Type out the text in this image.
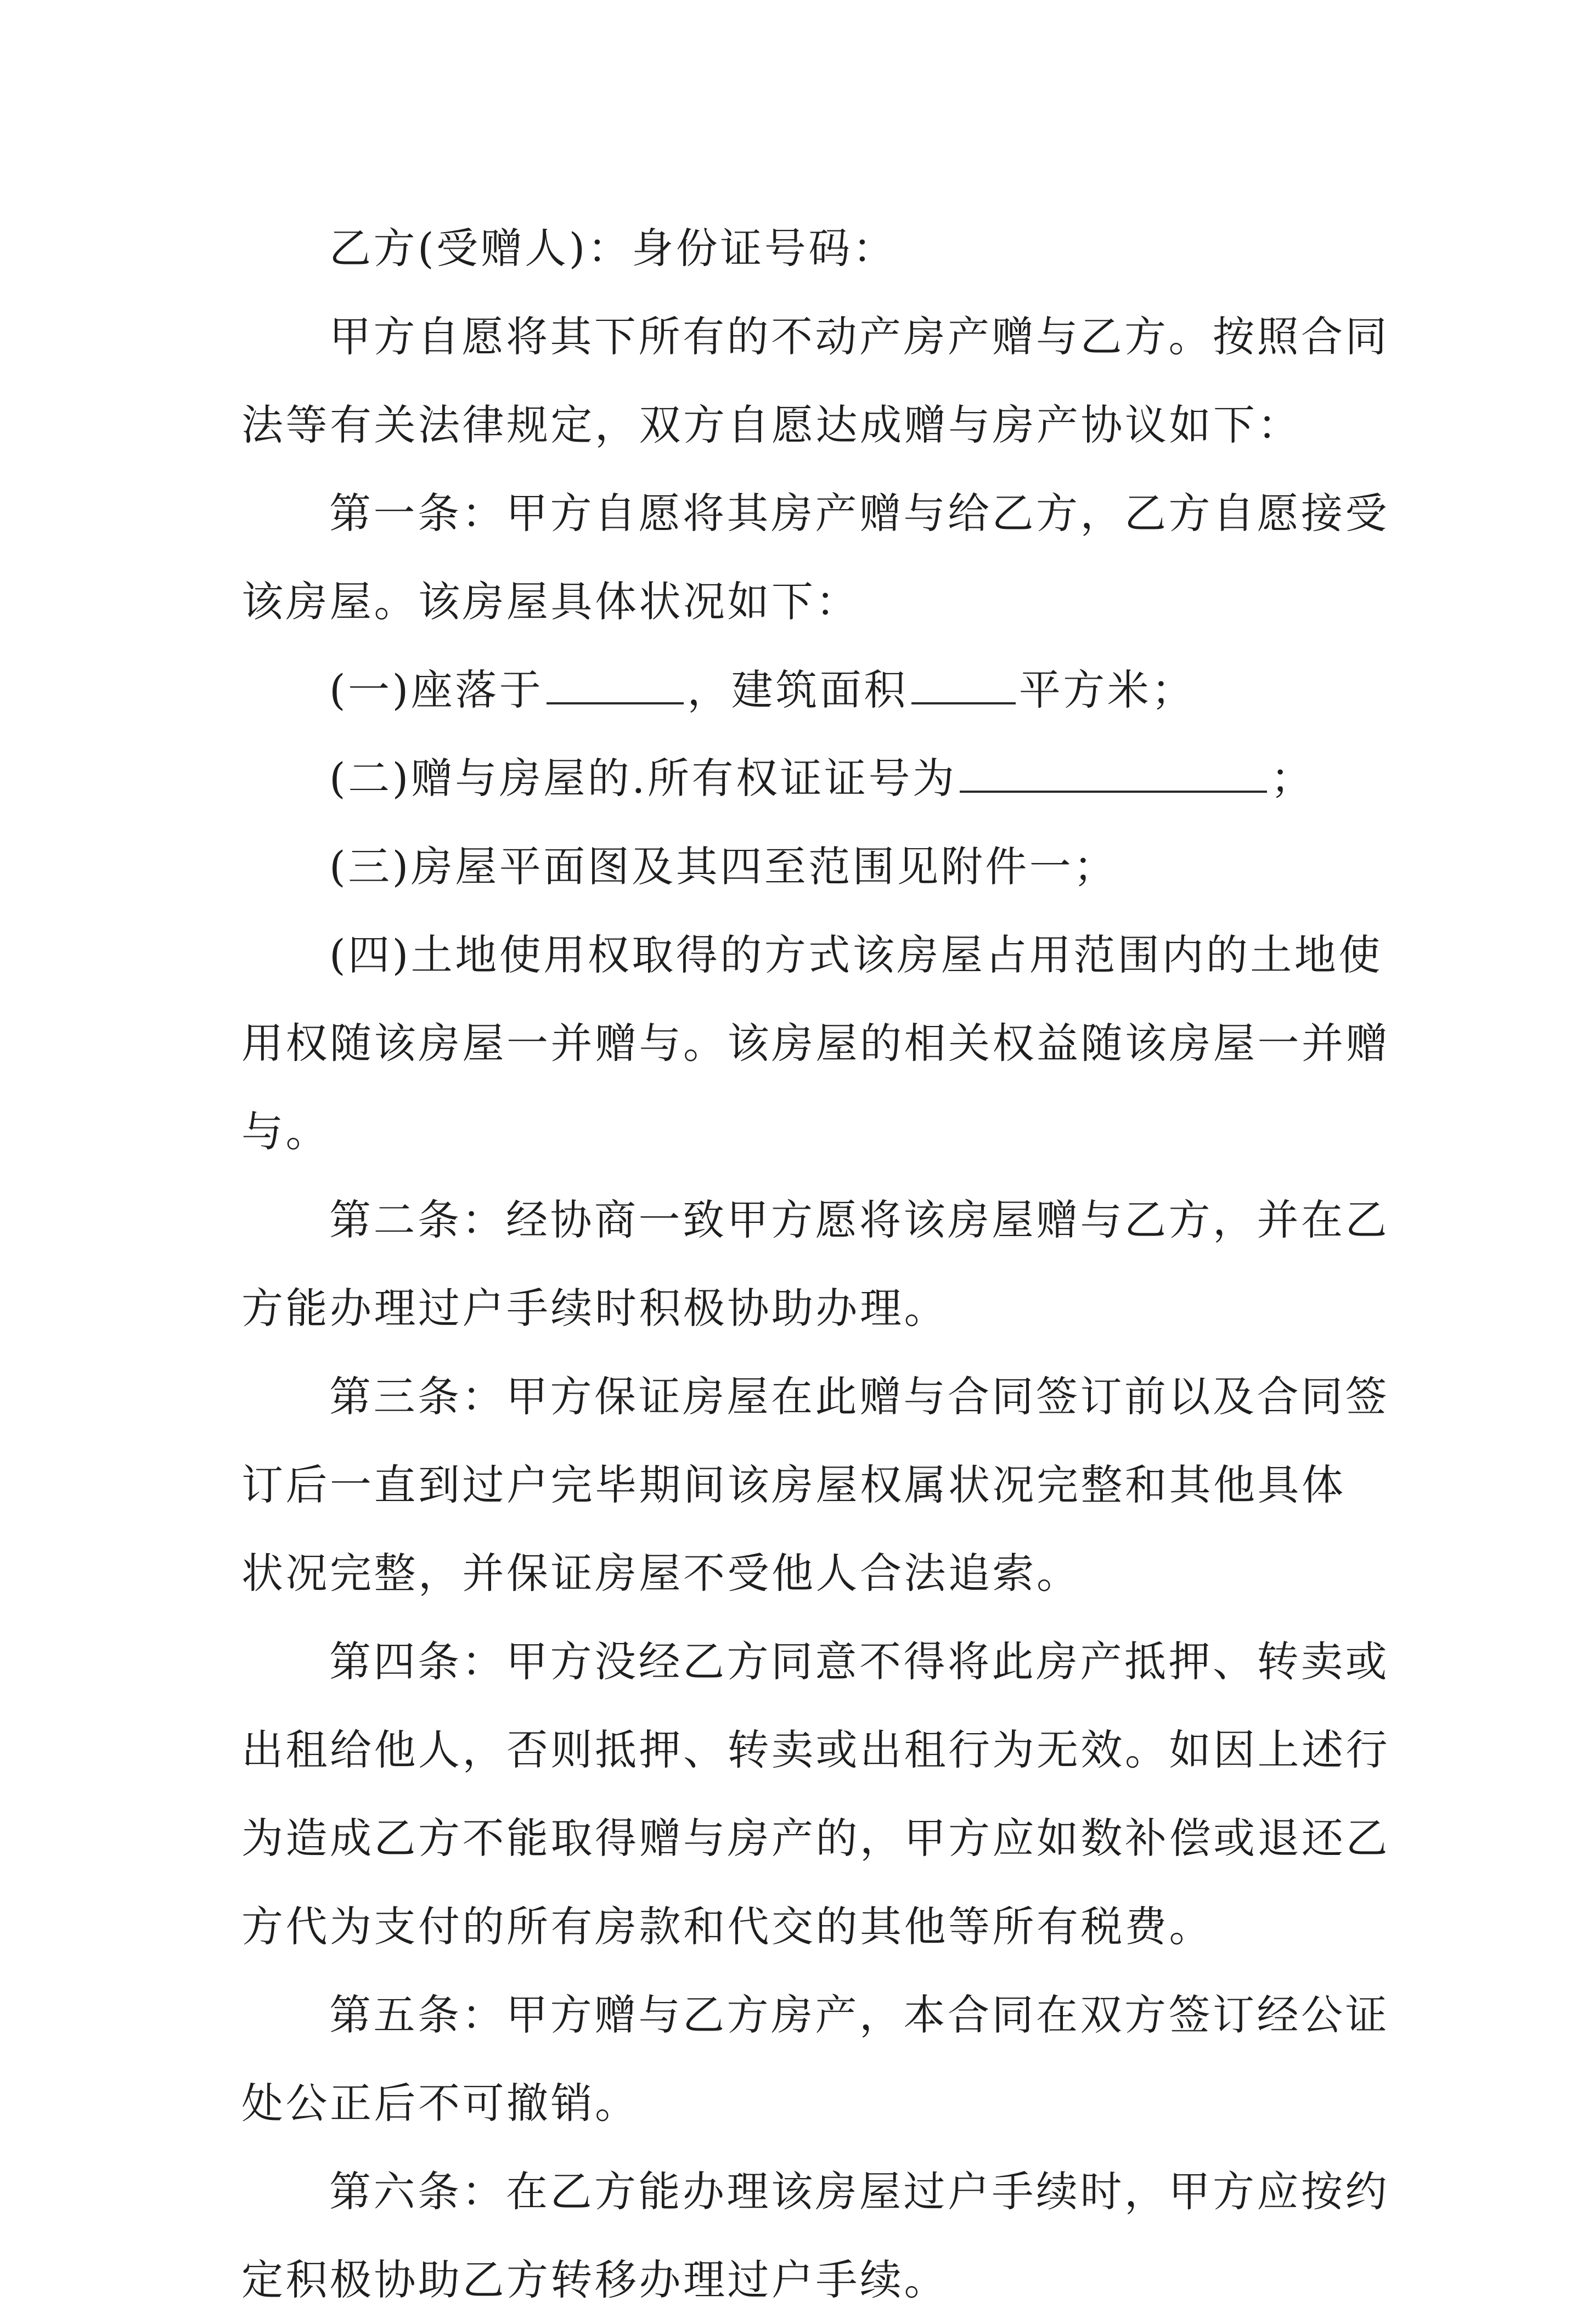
乙方(受赠人)：身份证号码：
甲方自愿将其下所有的不动产房产赠与乙方。按照合同
法等有关法律规定，双方自愿达成赠与房产协议如下：
第一条：甲方自愿将其房产赠与给乙方，乙方自愿接受
该房屋。该房屋具体状况如下：
(一)座落于	，建筑面积	平方米；
(二)赠与房屋的.所有权证证号为	；
(三)房屋平面图及其四至范围见附件一；
(四)土地使用权取得的方式该房屋占用范围内的土地使
用权随该房屋一并赠与。该房屋的相关权益随该房屋一并赠
与。
第二条：经协商一致甲方愿将该房屋赠与乙方，并在乙
方能办理过户手续时积极协助办理。
第三条：甲方保证房屋在此赠与合同签订前以及合同签
订后一直到过户完毕期间该房屋权属状况完整和其他具体
状况完整，并保证房屋不受他人合法追索。
第四条：甲方没经乙方同意不得将此房产抵押、转卖或
出租给他人，否则抵押、转卖或出租行为无效。如因上述行
为造成乙方不能取得赠与房产的，甲方应如数补偿或退还乙
方代为支付的所有房款和代交的其他等所有税费。
第五条：甲方赠与乙方房产，本合同在双方签订经公证
处公正后不可撤销。
第六条：在乙方能办理该房屋过户手续时，甲方应按约
定积极协助乙方转移办理过户手续。
